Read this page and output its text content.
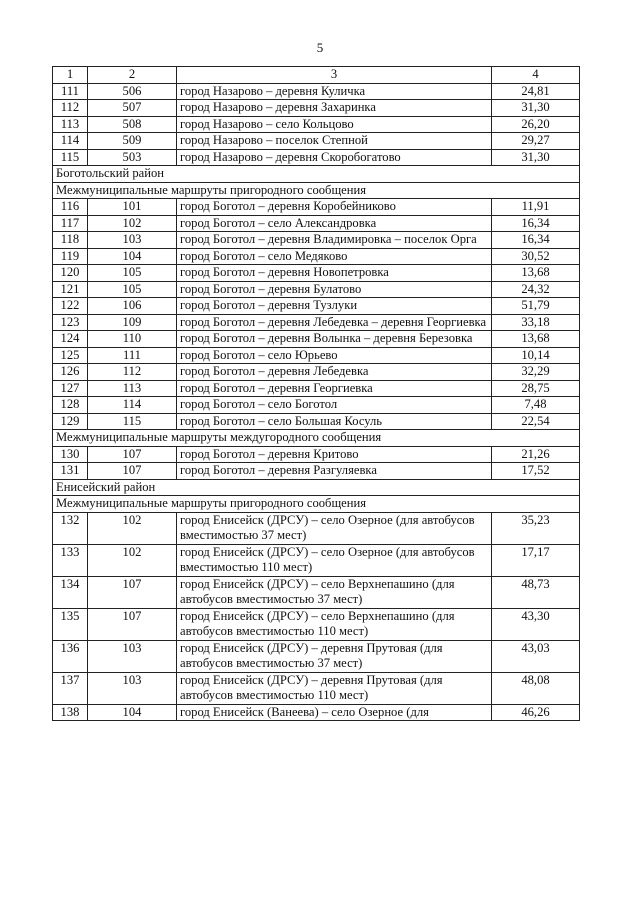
5
1	2	3	4
111	506	город Назарово – деревня Куличка	24,81
112	507	город Назарово – деревня Захаринка	31,30
113	508	город Назарово – село Кольцово	26,20
114	509	город Назарово – поселок Степной	29,27
115	503	город Назарово – деревня Скоробогатово	31,30
Боготольский район			
Межмуниципальные маршруты пригородного сообщения			
116	101	город Боготол – деревня Коробейниково	11,91
117	102	город Боготол – село Александровка	16,34
118	103	город Боготол – деревня Владимировка – поселок Орга	16,34
119	104	город Боготол – село Медяково	30,52
120	105	город Боготол – деревня Новопетровка	13,68
121	105	город Боготол – деревня Булатово	24,32
122	106	город Боготол – деревня Тузлуки	51,79
123	109	город Боготол – деревня Лебедевка – деревня Георгиевка	33,18
124	110	город Боготол – деревня Волынка – деревня Березовка	13,68
125	111	город Боготол – село Юрьево	10,14
126	112	город Боготол – деревня Лебедевка	32,29
127	113	город Боготол – деревня Георгиевка	28,75
128	114	город Боготол – село Боготол	7,48
129	115	город Боготол – село Большая Косуль	22,54
Межмуниципальные маршруты междугородного сообщения			
130	107	город Боготол – деревня Критово	21,26
131	107	город Боготол – деревня Разгуляевка	17,52
Енисейский район			
Межмуниципальные маршруты пригородного сообщения			
132	102	город Енисейск (ДРСУ) – село Озерное (для автобусов вместимостью 37 мест)	35,23
133	102	город Енисейск (ДРСУ) – село Озерное (для автобусов вместимостью 110 мест)	17,17
134	107	город Енисейск (ДРСУ) – село Верхнепашино (для автобусов вместимостью 37 мест)	48,73
135	107	город Енисейск (ДРСУ) – село Верхнепашино (для автобусов вместимостью 110 мест)	43,30
136	103	город Енисейск (ДРСУ) – деревня Прутовая (для автобусов вместимостью 37 мест)	43,03
137	103	город Енисейск (ДРСУ) – деревня Прутовая (для автобусов вместимостью 110 мест)	48,08
138	104	город Енисейск (Ванеева) – село Озерное (для	46,26
